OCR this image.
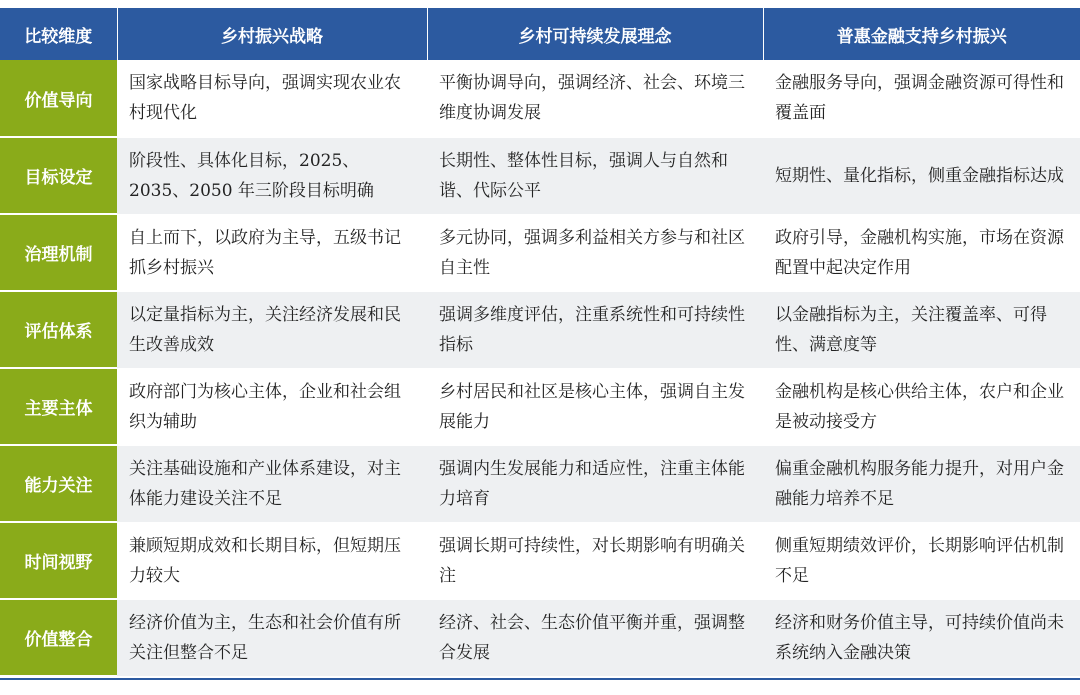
比较维度	乡村振兴战略	乡村可持续发展理念	普惠金融支持乡村振兴
价值导向	国家战略目标导向，强调实现农业农村现代化	平衡协调导向，强调经济、社会、环境三维度协调发展	金融服务导向，强调金融资源可得性和覆盖面
目标设定	阶段性、具体化目标，2025、2035、2050 年三阶段目标明确	长期性、整体性目标，强调人与自然和谐、代际公平	短期性、量化指标，侧重金融指标达成
治理机制	自上而下，以政府为主导，五级书记抓乡村振兴	多元协同，强调多利益相关方参与和社区自主性	政府引导，金融机构实施，市场在资源配置中起决定作用
评估体系	以定量指标为主，关注经济发展和民生改善成效	强调多维度评估，注重系统性和可持续性指标	以金融指标为主，关注覆盖率、可得性、满意度等
主要主体	政府部门为核心主体，企业和社会组织为辅助	乡村居民和社区是核心主体，强调自主发展能力	金融机构是核心供给主体，农户和企业是被动接受方
能力关注	关注基础设施和产业体系建设，对主体能力建设关注不足	强调内生发展能力和适应性，注重主体能力培育	偏重金融机构服务能力提升，对用户金融能力培养不足
时间视野	兼顾短期成效和长期目标，但短期压力较大	强调长期可持续性，对长期影响有明确关注	侧重短期绩效评价，长期影响评估机制不足
价值整合	经济价值为主，生态和社会价值有所关注但整合不足	经济、社会、生态价值平衡并重，强调整合发展	经济和财务价值主导，可持续价值尚未系统纳入金融决策
